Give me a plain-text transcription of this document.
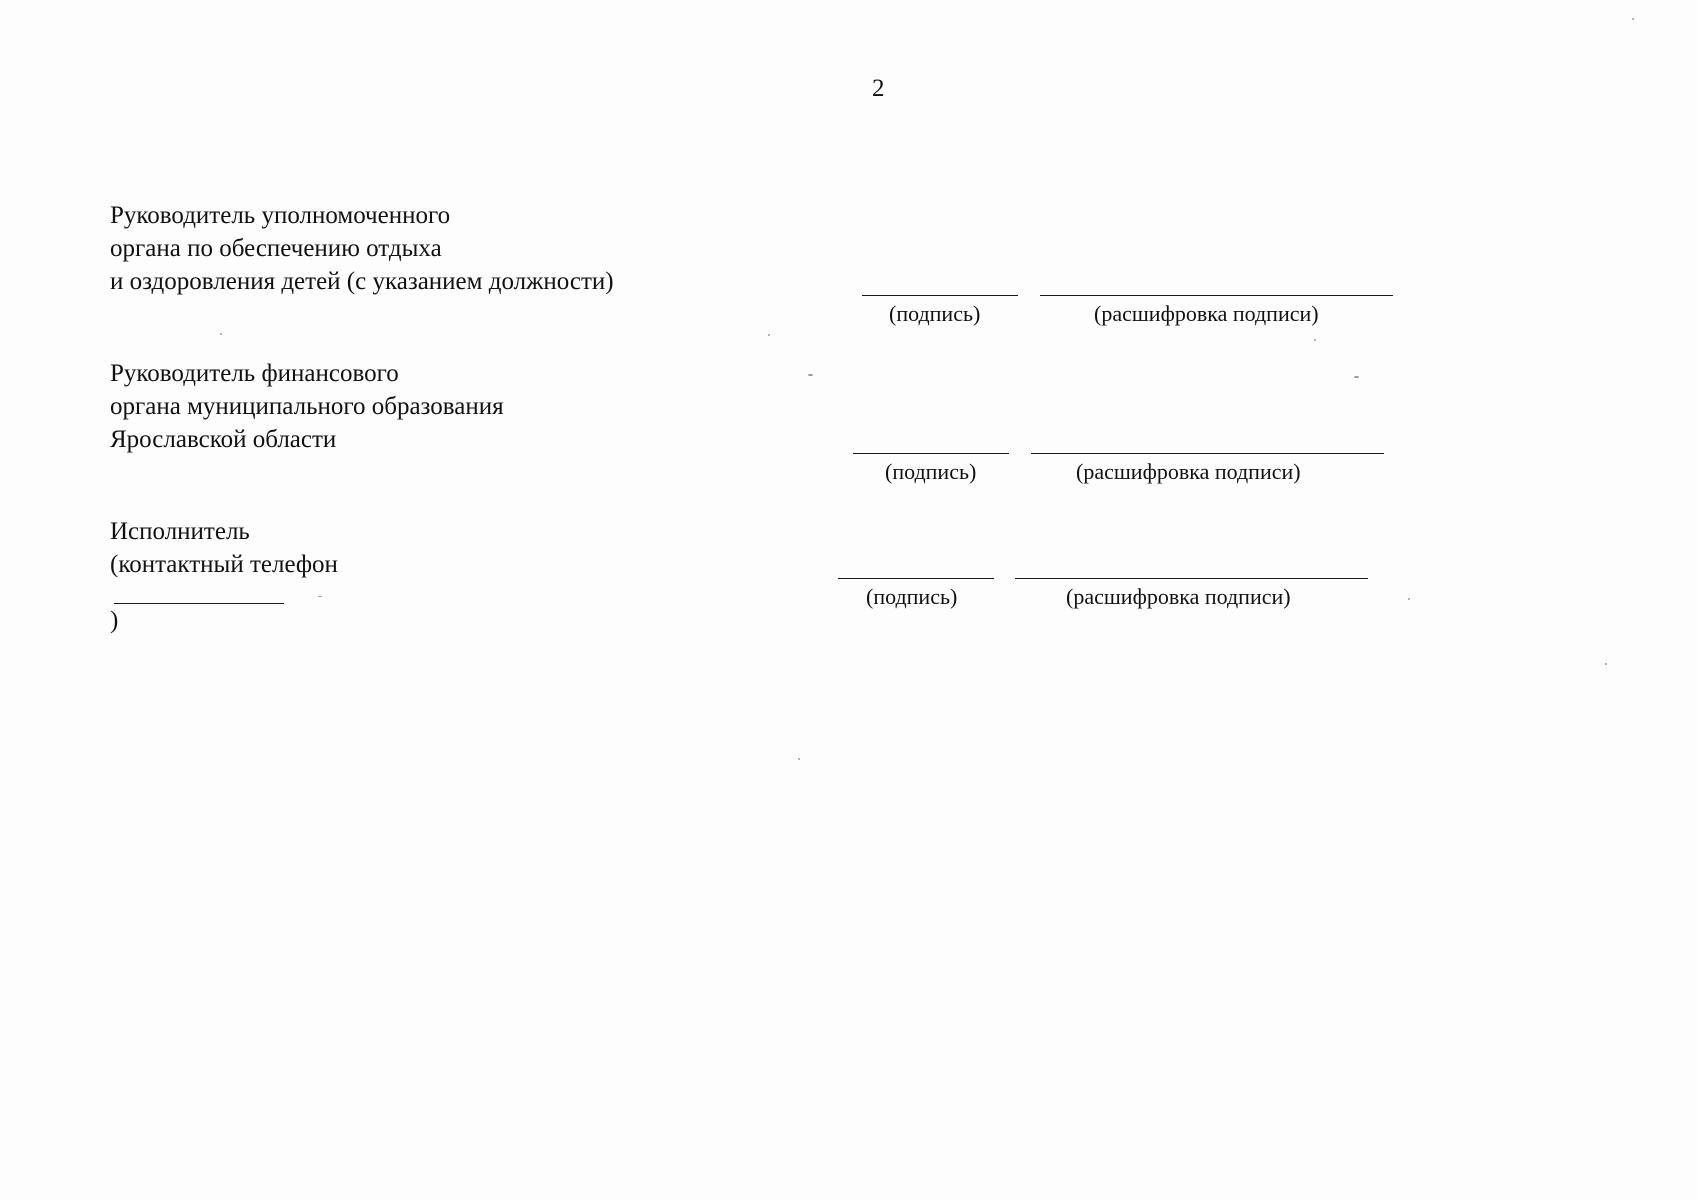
2
Руководитель уполномоченного
органа по обеспечению отдыха
и оздоровления детей (с указанием должности)
(подпись)	(расшифровка подписи)
Руководитель финансового
органа муниципального образования
Ярославской области
(подпись)	(расшифровка подписи)
Исполнитель
(контактный телефон
)
(подпись)	(расшифровка подписи)
